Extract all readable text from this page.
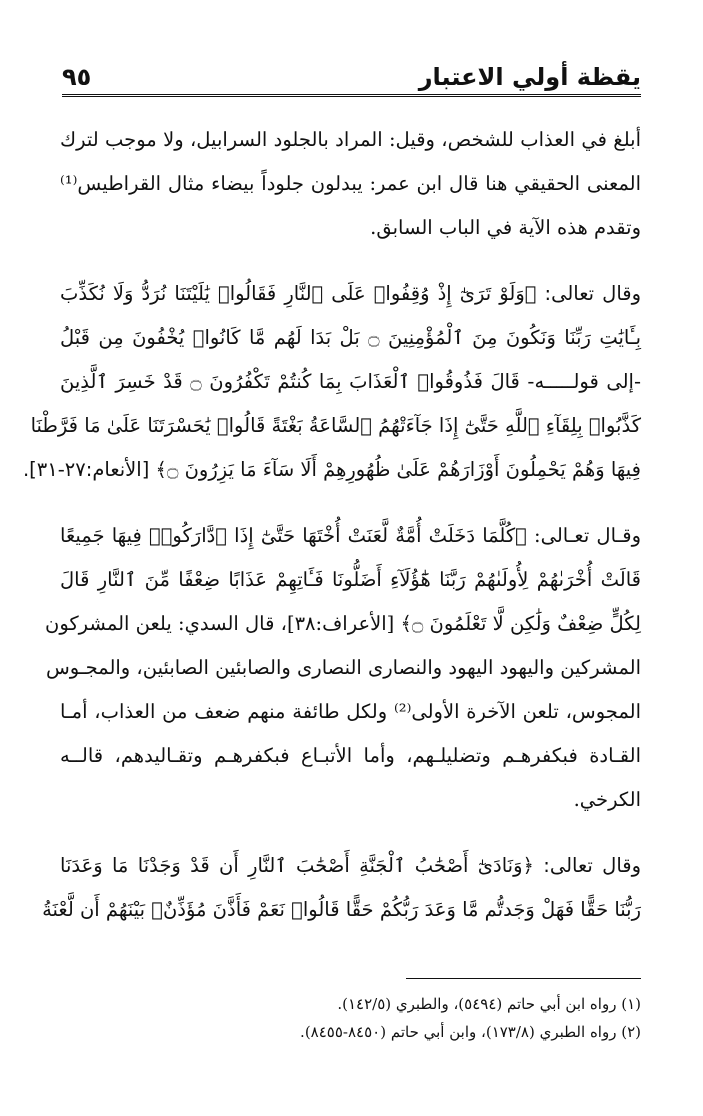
يقظة أولي الاعتبار
٩٥
أبلغ في العذاب للشخص، وقيل: المراد بالجلود السرابيل، ولا موجب لترك
المعنى الحقيقي هنا قال ابن عمر: يبدلون جلوداً بيضاء مثال القراطيس⁽¹⁾
وتقدم هذه الآية في الباب السابق.
وقال تعالى: ﴿وَلَوْ تَرَىٰٓ إِذْ وُقِفُوا۟ عَلَى ٱلنَّارِ فَقَالُوا۟ يَٰلَيْتَنَا نُرَدُّ وَلَا نُكَذِّبَ
بِـَٔايَٰتِ رَبِّنَا وَنَكُونَ مِنَ ٱلْمُؤْمِنِينَ ۝ بَلْ بَدَا لَهُم مَّا كَانُوا۟ يُخْفُونَ مِن قَبْلُ
-إلى قولـــــه- قَالَ فَذُوقُوا۟ ٱلْعَذَابَ بِمَا كُنتُمْ تَكْفُرُونَ ۝ قَدْ خَسِرَ ٱلَّذِينَ
كَذَّبُوا۟ بِلِقَآءِ ٱللَّهِ حَتَّىٰٓ إِذَا جَآءَتْهُمُ ٱلسَّاعَةُ بَغْتَةً قَالُوا۟ يَٰحَسْرَتَنَا عَلَىٰ مَا فَرَّطْنَا
فِيهَا وَهُمْ يَحْمِلُونَ أَوْزَارَهُمْ عَلَىٰ ظُهُورِهِمْ أَلَا سَآءَ مَا يَزِرُونَ ۝﴾ [الأنعام:٢٧-٣١].
وقـال تعـالى: ﴿كُلَّمَا دَخَلَتْ أُمَّةٌ لَّعَنَتْ أُخْتَهَا حَتَّىٰٓ إِذَا ٱدَّارَكُوا۟ فِيهَا جَمِيعًا
قَالَتْ أُخْرَىٰهُمْ لِأُولَىٰهُمْ رَبَّنَا هَٰٓؤُلَآءِ أَضَلُّونَا فَـَٔاتِهِمْ عَذَابًا ضِعْفًا مِّنَ ٱلنَّارِ قَالَ
لِكُلٍّ ضِعْفٌ وَلَٰكِن لَّا تَعْلَمُونَ ۝﴾ [الأعراف:٣٨]، قال السدي: يلعن المشركون
المشركين واليهود اليهود والنصارى النصارى والصابئين الصابئين، والمجـوس
المجوس، تلعن الآخرة الأولى⁽²⁾ ولكل طائفة منهم ضعف من العذاب، أمـا
القـادة فبكفرهـم وتضليلـهم، وأما الأتبـاع فبكفرهـم وتقـاليدهم، قالــه
الكرخي.
وقال تعالى: ﴿وَنَادَىٰٓ أَصْحَٰبُ ٱلْجَنَّةِ أَصْحَٰبَ ٱلنَّارِ أَن قَدْ وَجَدْنَا مَا وَعَدَنَا
رَبُّنَا حَقًّا فَهَلْ وَجَدتُّم مَّا وَعَدَ رَبُّكُمْ حَقًّا قَالُوا۟ نَعَمْ فَأَذَّنَ مُؤَذِّنٌۢ بَيْنَهُمْ أَن لَّعْنَةُ
(١) رواه ابن أبي حاتم (٥٤٩٤)، والطبري (١٤٢/٥).
(٢) رواه الطبري (١٧٣/٨)، وابن أبي حاتم (٨٤٥٠-٨٤٥٥).
